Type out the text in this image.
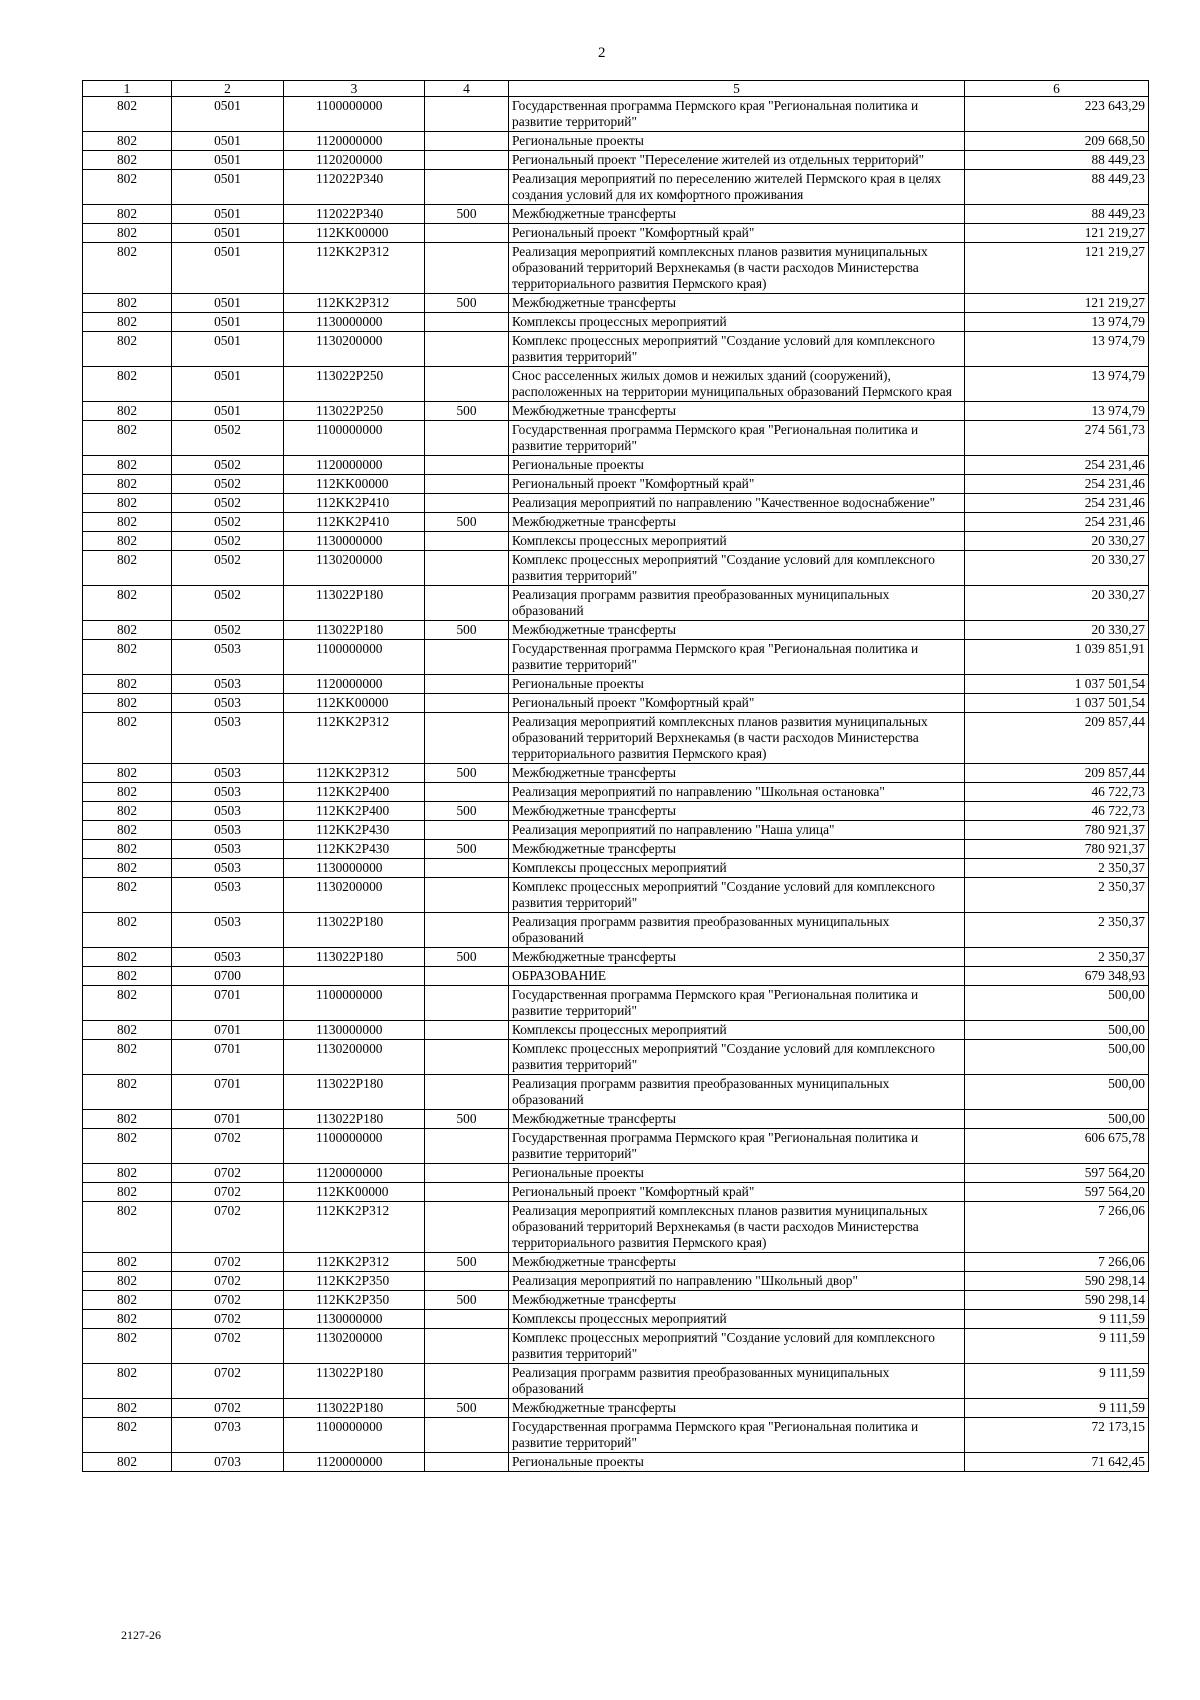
2
1	2	3	4	5	6
802	0501	1100000000		Государственная программа Пермского края "Региональная политика и развитие территорий"	223 643,29
802	0501	1120000000		Региональные проекты	209 668,50
802	0501	1120200000		Региональный проект "Переселение жителей из отдельных территорий"	88 449,23
802	0501	112022P340		Реализация мероприятий по переселению жителей Пермского края в целях создания условий для их комфортного проживания	88 449,23
802	0501	112022P340	500	Межбюджетные трансферты	88 449,23
802	0501	112KK00000		Региональный проект "Комфортный край"	121 219,27
802	0501	112KK2P312		Реализация мероприятий комплексных планов развития муниципальных образований территорий Верхнекамья (в части расходов Министерства территориального развития Пермского края)	121 219,27
802	0501	112KK2P312	500	Межбюджетные трансферты	121 219,27
802	0501	1130000000		Комплексы процессных мероприятий	13 974,79
802	0501	1130200000		Комплекс процессных мероприятий "Создание условий для комплексного развития территорий"	13 974,79
802	0501	113022P250		Снос расселенных жилых домов и нежилых зданий (сооружений), расположенных на территории муниципальных образований Пермского края	13 974,79
802	0501	113022P250	500	Межбюджетные трансферты	13 974,79
802	0502	1100000000		Государственная программа Пермского края "Региональная политика и развитие территорий"	274 561,73
802	0502	1120000000		Региональные проекты	254 231,46
802	0502	112KK00000		Региональный проект "Комфортный край"	254 231,46
802	0502	112KK2P410		Реализация мероприятий по направлению "Качественное водоснабжение"	254 231,46
802	0502	112KK2P410	500	Межбюджетные трансферты	254 231,46
802	0502	1130000000		Комплексы процессных мероприятий	20 330,27
802	0502	1130200000		Комплекс процессных мероприятий "Создание условий для комплексного развития территорий"	20 330,27
802	0502	113022P180		Реализация программ развития преобразованных муниципальных образований	20 330,27
802	0502	113022P180	500	Межбюджетные трансферты	20 330,27
802	0503	1100000000		Государственная программа Пермского края "Региональная политика и развитие территорий"	1 039 851,91
802	0503	1120000000		Региональные проекты	1 037 501,54
802	0503	112KK00000		Региональный проект "Комфортный край"	1 037 501,54
802	0503	112KK2P312		Реализация мероприятий комплексных планов развития муниципальных образований территорий Верхнекамья (в части расходов Министерства территориального развития Пермского края)	209 857,44
802	0503	112KK2P312	500	Межбюджетные трансферты	209 857,44
802	0503	112KK2P400		Реализация мероприятий по направлению "Школьная остановка"	46 722,73
802	0503	112KK2P400	500	Межбюджетные трансферты	46 722,73
802	0503	112KK2P430		Реализация мероприятий по направлению "Наша улица"	780 921,37
802	0503	112KK2P430	500	Межбюджетные трансферты	780 921,37
802	0503	1130000000		Комплексы процессных мероприятий	2 350,37
802	0503	1130200000		Комплекс процессных мероприятий "Создание условий для комплексного развития территорий"	2 350,37
802	0503	113022P180		Реализация программ развития преобразованных муниципальных образований	2 350,37
802	0503	113022P180	500	Межбюджетные трансферты	2 350,37
802	0700			ОБРАЗОВАНИЕ	679 348,93
802	0701	1100000000		Государственная программа Пермского края "Региональная политика и развитие территорий"	500,00
802	0701	1130000000		Комплексы процессных мероприятий	500,00
802	0701	1130200000		Комплекс процессных мероприятий "Создание условий для комплексного развития территорий"	500,00
802	0701	113022P180		Реализация программ развития преобразованных муниципальных образований	500,00
802	0701	113022P180	500	Межбюджетные трансферты	500,00
802	0702	1100000000		Государственная программа Пермского края "Региональная политика и развитие территорий"	606 675,78
802	0702	1120000000		Региональные проекты	597 564,20
802	0702	112KK00000		Региональный проект "Комфортный край"	597 564,20
802	0702	112KK2P312		Реализация мероприятий комплексных планов развития муниципальных образований территорий Верхнекамья (в части расходов Министерства территориального развития Пермского края)	7 266,06
802	0702	112KK2P312	500	Межбюджетные трансферты	7 266,06
802	0702	112KK2P350		Реализация мероприятий по направлению "Школьный двор"	590 298,14
802	0702	112KK2P350	500	Межбюджетные трансферты	590 298,14
802	0702	1130000000		Комплексы процессных мероприятий	9 111,59
802	0702	1130200000		Комплекс процессных мероприятий "Создание условий для комплексного развития территорий"	9 111,59
802	0702	113022P180		Реализация программ развития преобразованных муниципальных образований	9 111,59
802	0702	113022P180	500	Межбюджетные трансферты	9 111,59
802	0703	1100000000		Государственная программа Пермского края "Региональная политика и развитие территорий"	72 173,15
802	0703	1120000000		Региональные проекты	71 642,45
2127-26
